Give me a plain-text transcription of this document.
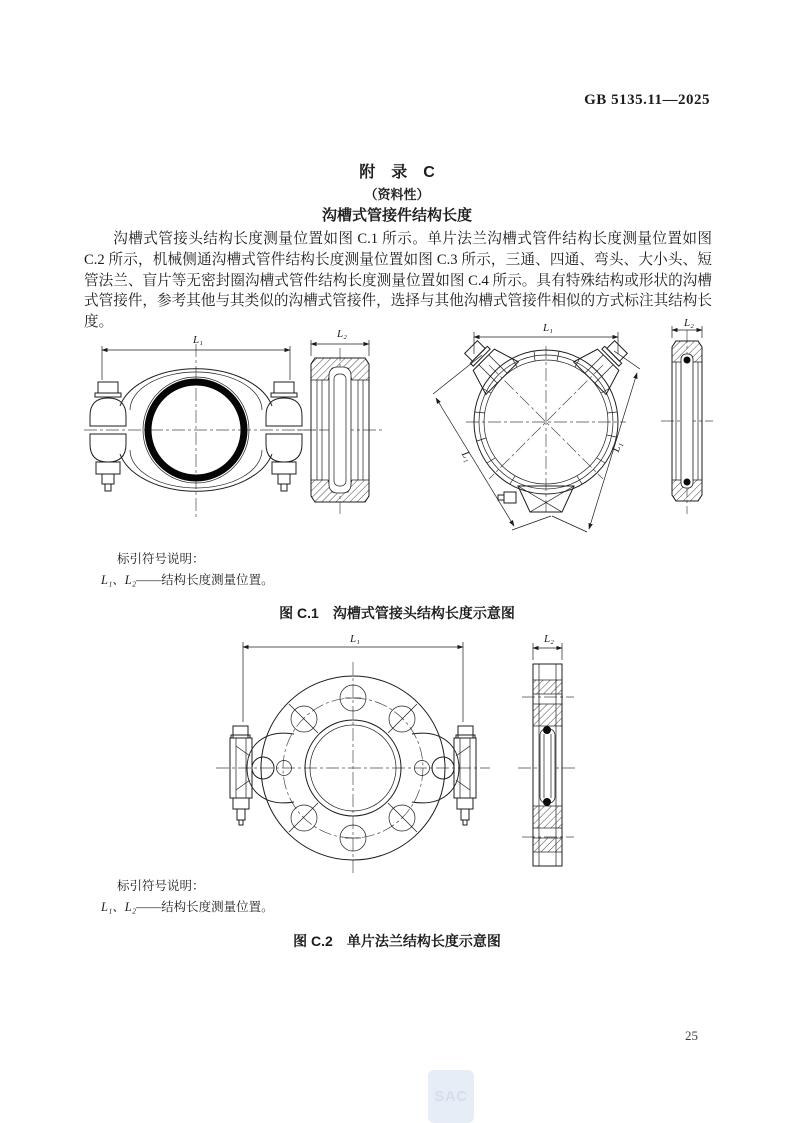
GB 5135.11—2025
附　录　C
（资料性）
沟槽式管接件结构长度

沟槽式管接头结构长度测量位置如图 C.1 所示。单片法兰沟槽式管件结构长度测量位置如图 C.2 所示，机械侧通沟槽式管件结构长度测量位置如图 C.3 所示，三通、四通、弯头、大小头、短管法兰、盲片等无密封圈沟槽式管件结构长度测量位置如图 C.4 所示。具有特殊结构或形状的沟槽式管接件，参考其他与其类似的沟槽式管接件，选择与其他沟槽式管接件相似的方式标注其结构长度。

L₁	L₂	L₁
L₁
L₁
L₂
标引符号说明：
L₁、L₂——结构长度测量位置。
图 C.1　沟槽式管接头结构长度示意图
L₁	L₂
标引符号说明：
L₁、L₂——结构长度测量位置。
图 C.2　单片法兰结构长度示意图
25
SAC
